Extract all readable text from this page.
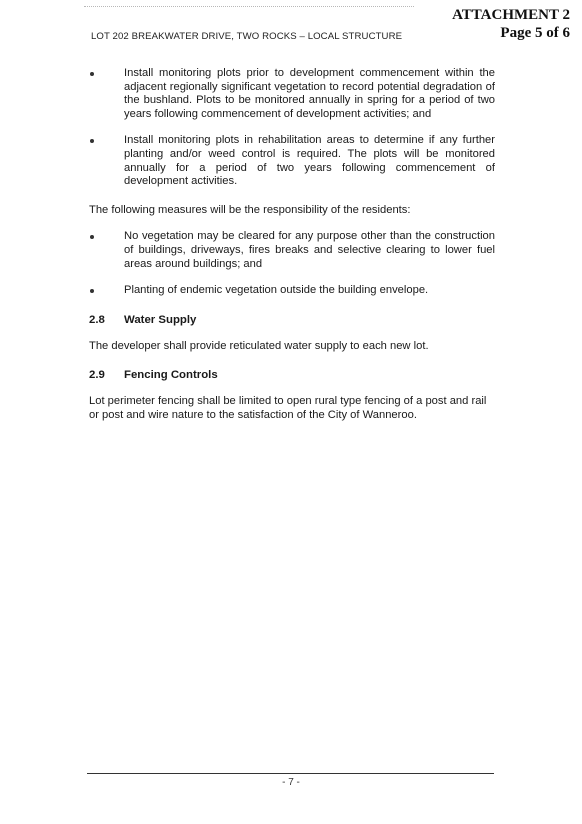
ATTACHMENT 2
Page 5 of 6
LOT 202 BREAKWATER DRIVE, TWO ROCKS – LOCAL STRUCTURE
Install monitoring plots prior to development commencement within the adjacent regionally significant vegetation to record potential degradation of the bushland. Plots to be monitored annually in spring for a period of two years following commencement of development activities; and
Install monitoring plots in rehabilitation areas to determine if any further planting and/or weed control is required. The plots will be monitored annually for a period of two years following commencement of development activities.
The following measures will be the responsibility of the residents:
No vegetation may be cleared for any purpose other than the construction of buildings, driveways, fires breaks and selective clearing to lower fuel areas around buildings; and
Planting of endemic vegetation outside the building envelope.
2.8	Water Supply
The developer shall provide reticulated water supply to each new lot.
2.9	Fencing Controls
Lot perimeter fencing shall be limited to open rural type fencing of a post and rail or post and wire nature to the satisfaction of the City of Wanneroo.
- 7 -
